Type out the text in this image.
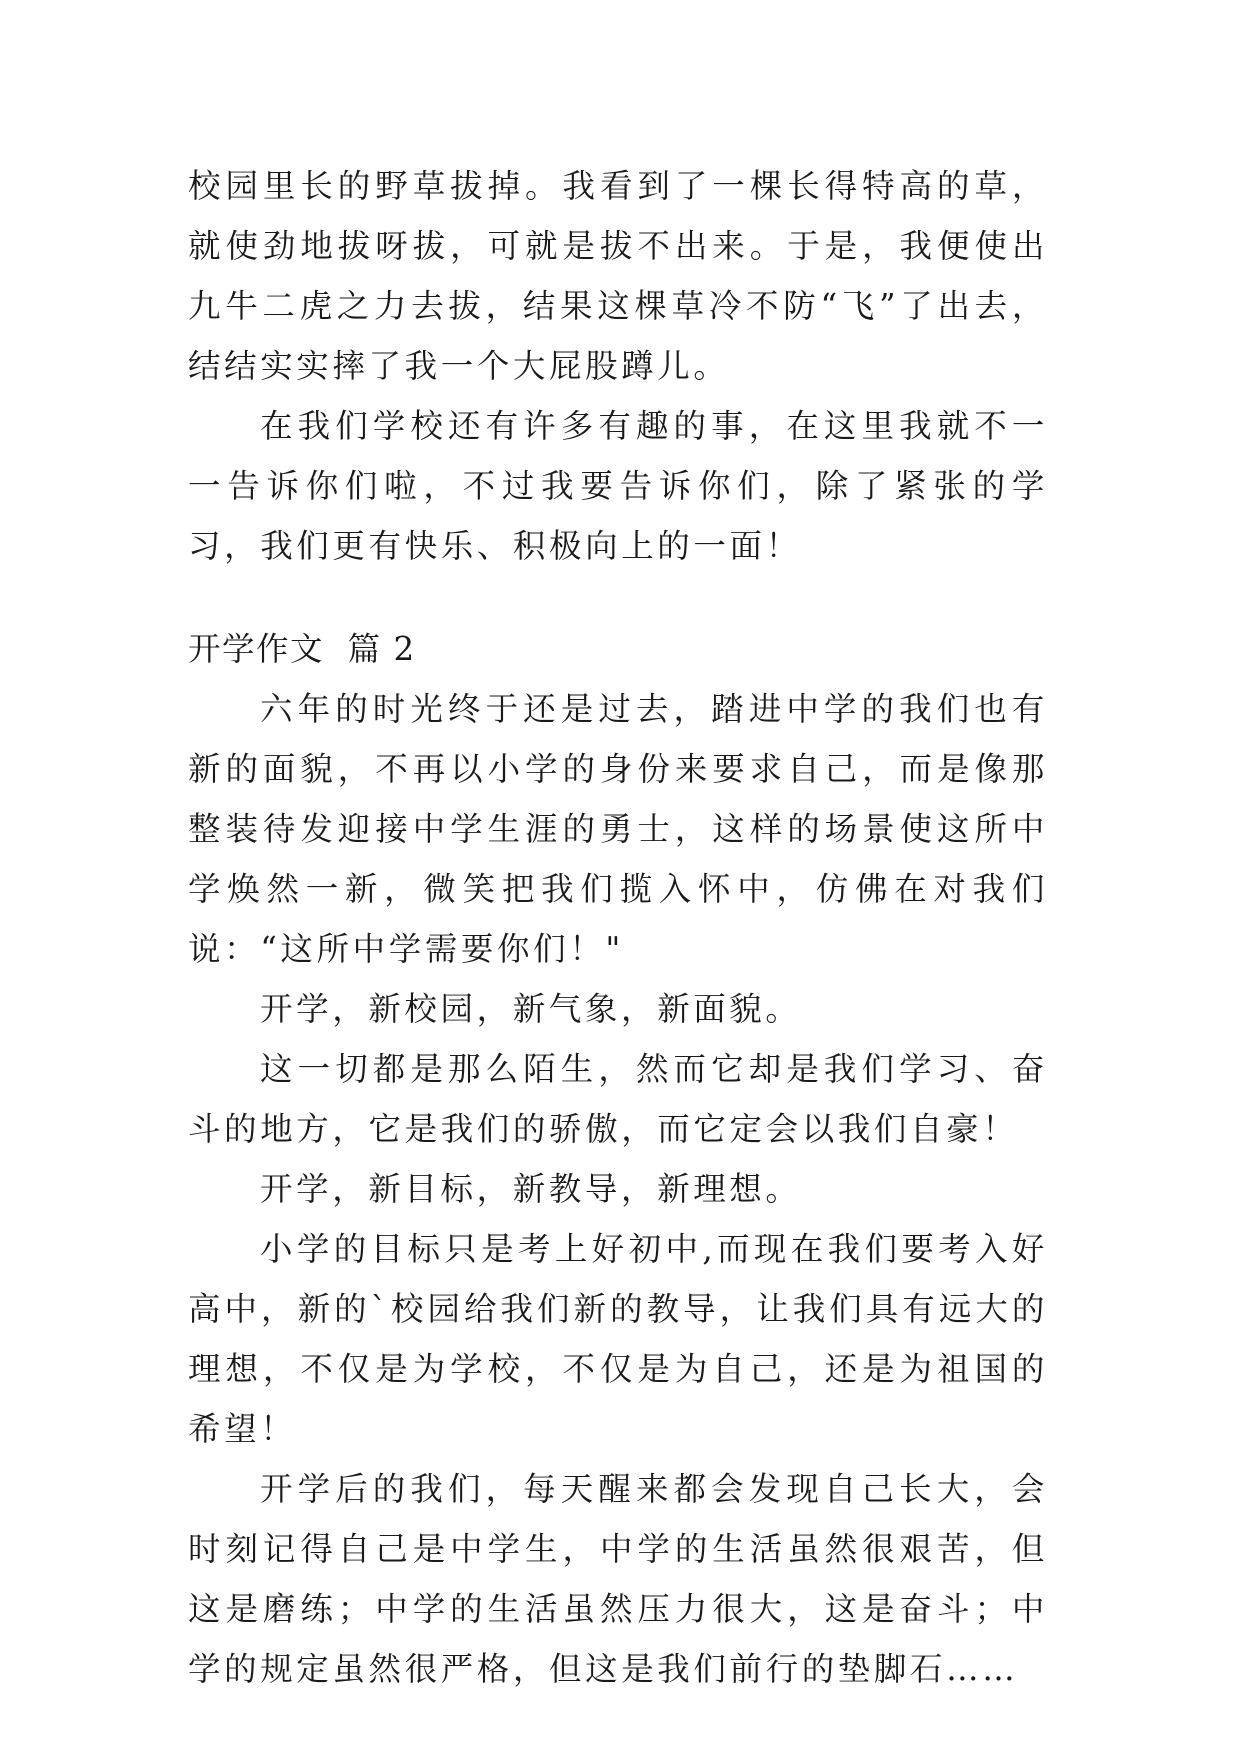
校园里长的野草拔掉。我看到了一棵长得特高的草，就使劲地拔呀拔，可就是拔不出来。于是，我便使出九牛二虎之力去拔，结果这棵草冷不防“飞”了出去，结结实实摔了我一个大屁股蹲儿。

在我们学校还有许多有趣的事，在这里我就不一一告诉你们啦，不过我要告诉你们，除了紧张的学习，我们更有快乐、积极向上的一面！

开学作文  篇 2

六年的时光终于还是过去，踏进中学的我们也有新的面貌，不再以小学的身份来要求自己，而是像那整装待发迎接中学生涯的勇士，这样的场景使这所中学焕然一新，微笑把我们揽入怀中，仿佛在对我们说：“这所中学需要你们！"

开学，新校园，新气象，新面貌。

这一切都是那么陌生，然而它却是我们学习、奋斗的地方，它是我们的骄傲，而它定会以我们自豪！

开学，新目标，新教导，新理想。

小学的目标只是考上好初中,而现在我们要考入好高中，新的`校园给我们新的教导，让我们具有远大的理想，不仅是为学校，不仅是为自己，还是为祖国的希望！

开学后的我们，每天醒来都会发现自己长大，会时刻记得自己是中学生，中学的生活虽然很艰苦，但这是磨练；中学的生活虽然压力很大，这是奋斗；中学的规定虽然很严格，但这是我们前行的垫脚石……
